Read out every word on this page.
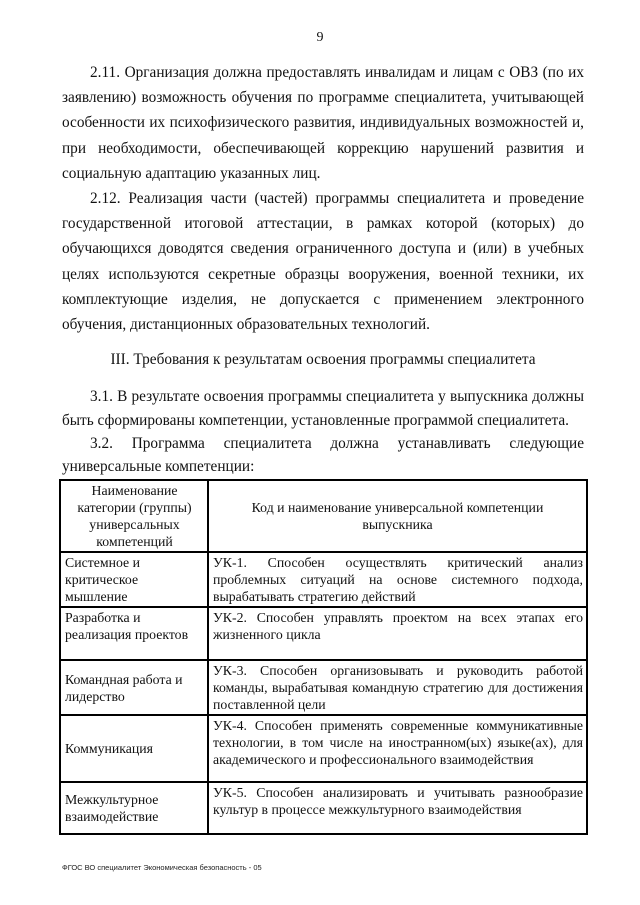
9

2.11. Организация должна предоставлять инвалидам и лицам с ОВЗ (по их заявлению) возможность обучения по программе специалитета, учитывающей особенности их психофизического развития, индивидуальных возможностей и, при необходимости, обеспечивающей коррекцию нарушений развития и социальную адаптацию указанных лиц.

2.12. Реализация части (частей) программы специалитета и проведение государственной итоговой аттестации, в рамках которой (которых) до обучающихся доводятся сведения ограниченного доступа и (или) в учебных целях используются секретные образцы вооружения, военной техники, их комплектующие изделия, не допускается с применением электронного обучения, дистанционных образовательных технологий.

III. Требования к результатам освоения программы специалитета

3.1. В результате освоения программы специалитета у выпускника должны быть сформированы компетенции, установленные программой специалитета.

3.2. Программа специалитета должна устанавливать следующие универсальные компетенции:

Наименование категории (группы) универсальных компетенций	Код и наименование универсальной компетенции выпускника
Системное и критическое мышление	УК-1. Способен осуществлять критический анализ проблемных ситуаций на основе системного подхода, вырабатывать стратегию действий
Разработка и реализация проектов	УК-2. Способен управлять проектом на всех этапах его жизненного цикла
Командная работа и лидерство	УК-3. Способен организовывать и руководить работой команды, вырабатывая командную стратегию для достижения поставленной цели
Коммуникация	УК-4. Способен применять современные коммуникативные технологии, в том числе на иностранном(ых) языке(ах), для академического и профессионального взаимодействия
Межкультурное взаимодействие	УК-5. Способен анализировать и учитывать разнообразие культур в процессе межкультурного взаимодействия
ФГОС ВО специалитет Экономическая безопасность - 05
